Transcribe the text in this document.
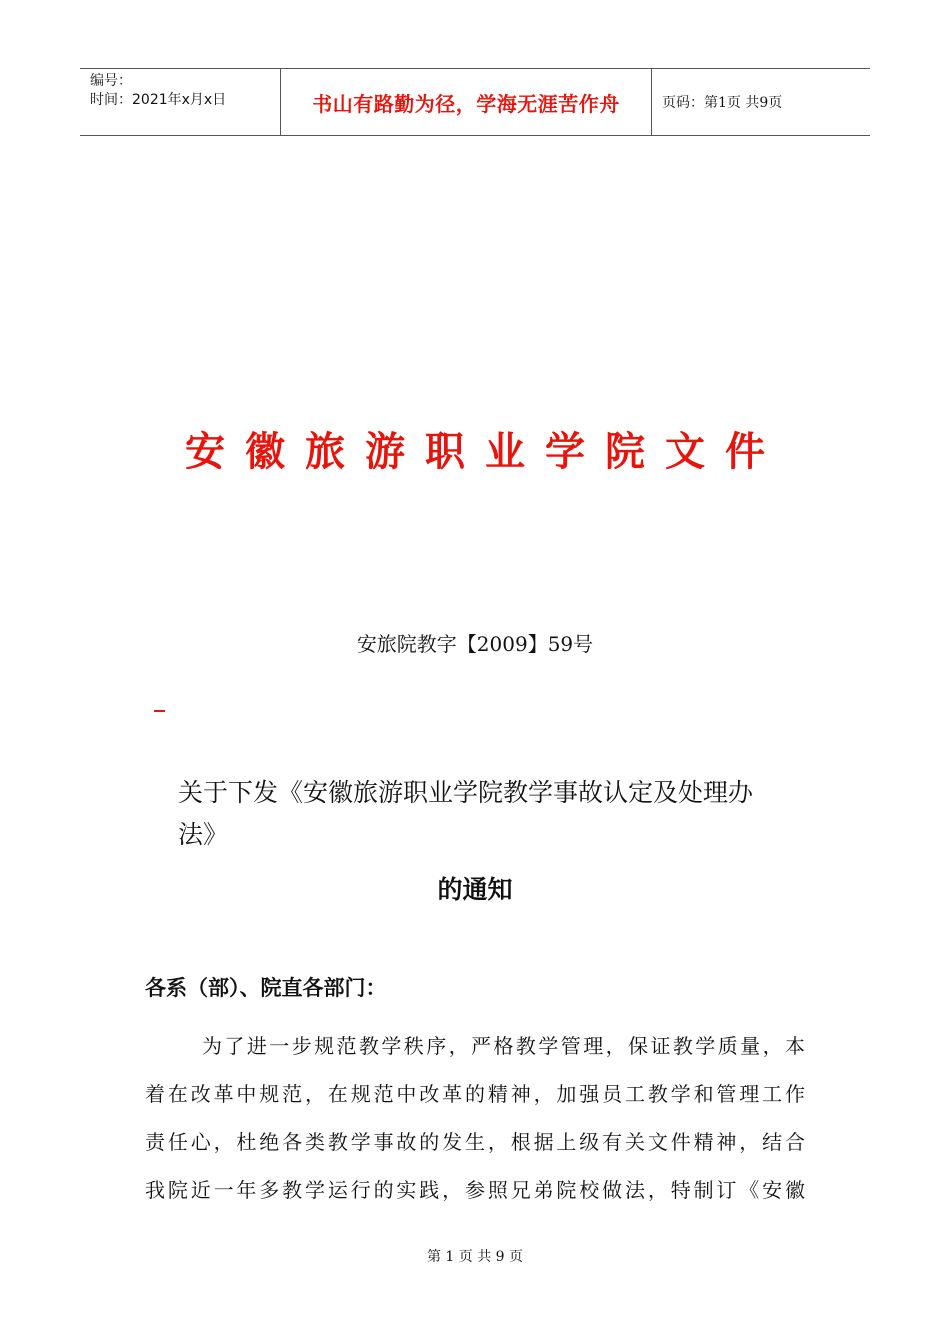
编号：
时间：2021年x月x日	书山有路勤为径，学海无涯苦作舟	页码：第1页 共9页
安徽旅游职业学院文件
安旅院教字【2009】59号
关于下发《安徽旅游职业学院教学事故认定及处理办
法》
的通知
各系（部）、院直各部门：
为了进一步规范教学秩序，严格教学管理，保证教学质量，本
着在改革中规范，在规范中改革的精神，加强员工教学和管理工作
责任心，杜绝各类教学事故的发生，根据上级有关文件精神，结合
我院近一年多教学运行的实践，参照兄弟院校做法，特制订《安徽
第 1 页 共 9 页
